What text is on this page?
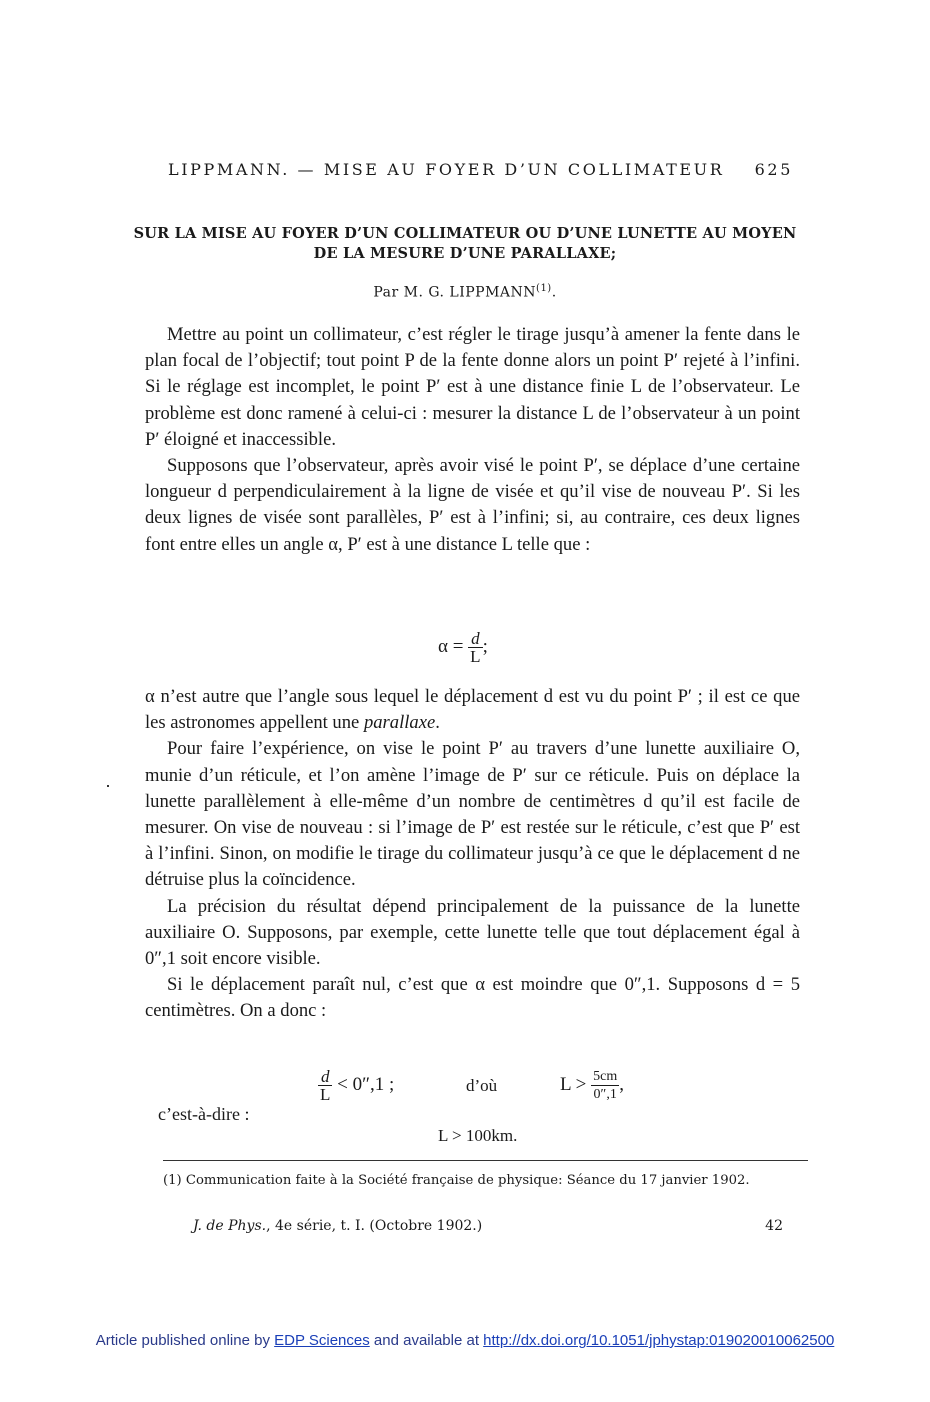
LIPPMANN. — MISE AU FOYER D’UN COLLIMATEUR 625
SUR LA MISE AU FOYER D’UN COLLIMATEUR OU D’UNE LUNETTE AU MOYEN
DE LA MESURE D’UNE PARALLAXE;
Par M. G. LIPPMANN$^{(1)}$.

Mettre au point un collimateur, c’est régler le tirage jusqu’à amener la fente dans le plan focal de l’objectif; tout point P de la fente donne alors un point P′ rejeté à l’infini. Si le réglage est incomplet, le point P′ est à une distance finie L de l’observateur. Le problème est donc ramené à celui-ci : mesurer la distance L de l’observateur à un point P′ éloigné et inaccessible.

Supposons que l’observateur, après avoir visé le point P′, se déplace d’une certaine longueur d perpendiculairement à la ligne de visée et qu’il vise de nouveau P′. Si les deux lignes de visée sont parallèles, P′ est à l’infini; si, au contraire, ces deux lignes font entre elles un angle α, P′ est à une distance L telle que :

$\alpha = \frac{d}{L}$ ;

α n’est autre que l’angle sous lequel le déplacement d est vu du point P′ ; il est ce que les astronomes appellent une parallaxe.

Pour faire l’expérience, on vise le point P′ au travers d’une lunette auxiliaire O, munie d’un réticule, et l’on amène l’image de P′ sur ce réticule. Puis on déplace la lunette parallèlement à elle-même d’un nombre de centimètres d qu’il est facile de mesurer. On vise de nouveau : si l’image de P′ est restée sur le réticule, c’est que P′ est à l’infini. Sinon, on modifie le tirage du collimateur jusqu’à ce que le déplacement d ne détruise plus la coïncidence.

La précision du résultat dépend principalement de la puissance de la lunette auxiliaire O. Supposons, par exemple, cette lunette telle que tout déplacement égal à 0″,1 soit encore visible.

Si le déplacement paraît nul, c’est que α est moindre que 0″,1. Supposons d = 5 centimètres. On a donc :

$\frac{d}{L} < 0'',1$ ;	d’où	$L > \frac{5cm}{0'',1}$ ,
c’est-à-dire :
L > 100km.
(1) Communication faite à la Société française de physique: Séance du 17 janvier 1902.
J. de Phys., 4e série, t. I. (Octobre 1902.)	42
Article published online by EDP Sciences and available at http://dx.doi.org/10.1051/jphystap:019020010062500
